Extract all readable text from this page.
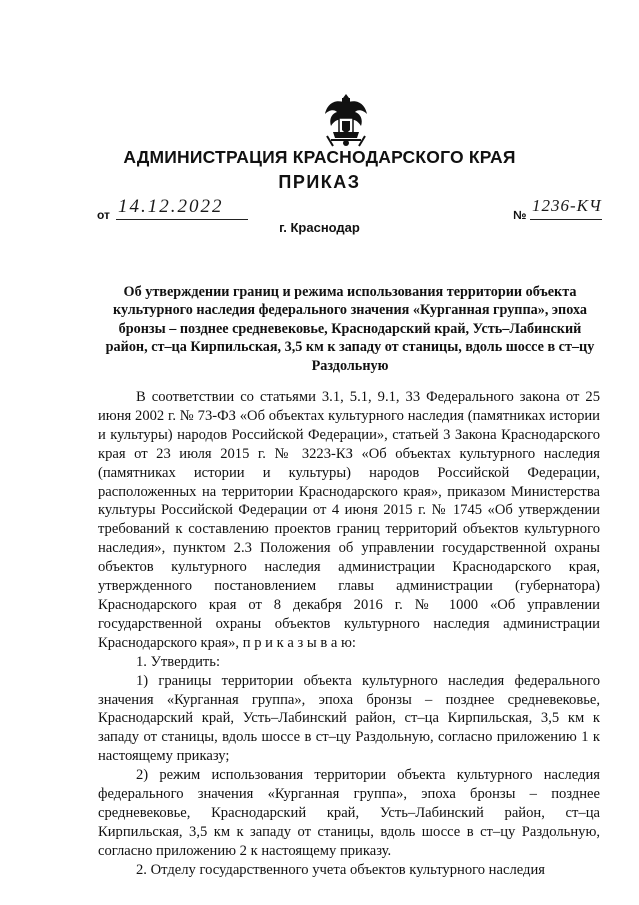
АДМИНИСТРАЦИЯ КРАСНОДАРСКОГО КРАЯ
ПРИКАЗ
от 14.12.2022	№ 1236-КЧ
г. Краснодар
Об утверждении границ и режима использования территории объекта культурного наследия федерального значения «Курганная группа», эпоха бронзы – позднее средневековье, Краснодарский край, Усть–Лабинский район, ст–ца Кирпильская, 3,5 км к западу от станицы, вдоль шоссе в ст–цу Раздольную

В соответствии со статьями 3.1, 5.1, 9.1, 33 Федерального закона от 25 июня 2002 г. № 73-ФЗ «Об объектах культурного наследия (памятниках истории и культуры) народов Российской Федерации», статьей 3 Закона Краснодарского края от 23 июля 2015 г. № 3223-КЗ «Об объектах культурного наследия (памятниках истории и культуры) народов Российской Федерации, расположенных на территории Краснодарского края», приказом Министерства культуры Российской Федерации от 4 июня 2015 г. № 1745 «Об утверждении требований к составлению проектов границ территорий объектов культурного наследия», пунктом 2.3 Положения об управлении государственной охраны объектов культурного наследия администрации Краснодарского края, утвержденного постановлением главы администрации (губернатора) Краснодарского края от 8 декабря 2016 г. № 1000 «Об управлении государственной охраны объектов культурного наследия администрации Краснодарского края», п р и к а з ы в а ю:

1. Утвердить:

1) границы территории объекта культурного наследия федерального значения «Курганная группа», эпоха бронзы – позднее средневековье, Краснодарский край, Усть–Лабинский район, ст–ца Кирпильская, 3,5 км к западу от станицы, вдоль шоссе в ст–цу Раздольную, согласно приложению 1 к настоящему приказу;

2) режим использования территории объекта культурного наследия федерального значения «Курганная группа», эпоха бронзы – позднее средневековье, Краснодарский край, Усть–Лабинский район, ст–ца Кирпильская, 3,5 км к западу от станицы, вдоль шоссе в ст–цу Раздольную, согласно приложению 2 к настоящему приказу.

2. Отделу государственного учета объектов культурного наследия
